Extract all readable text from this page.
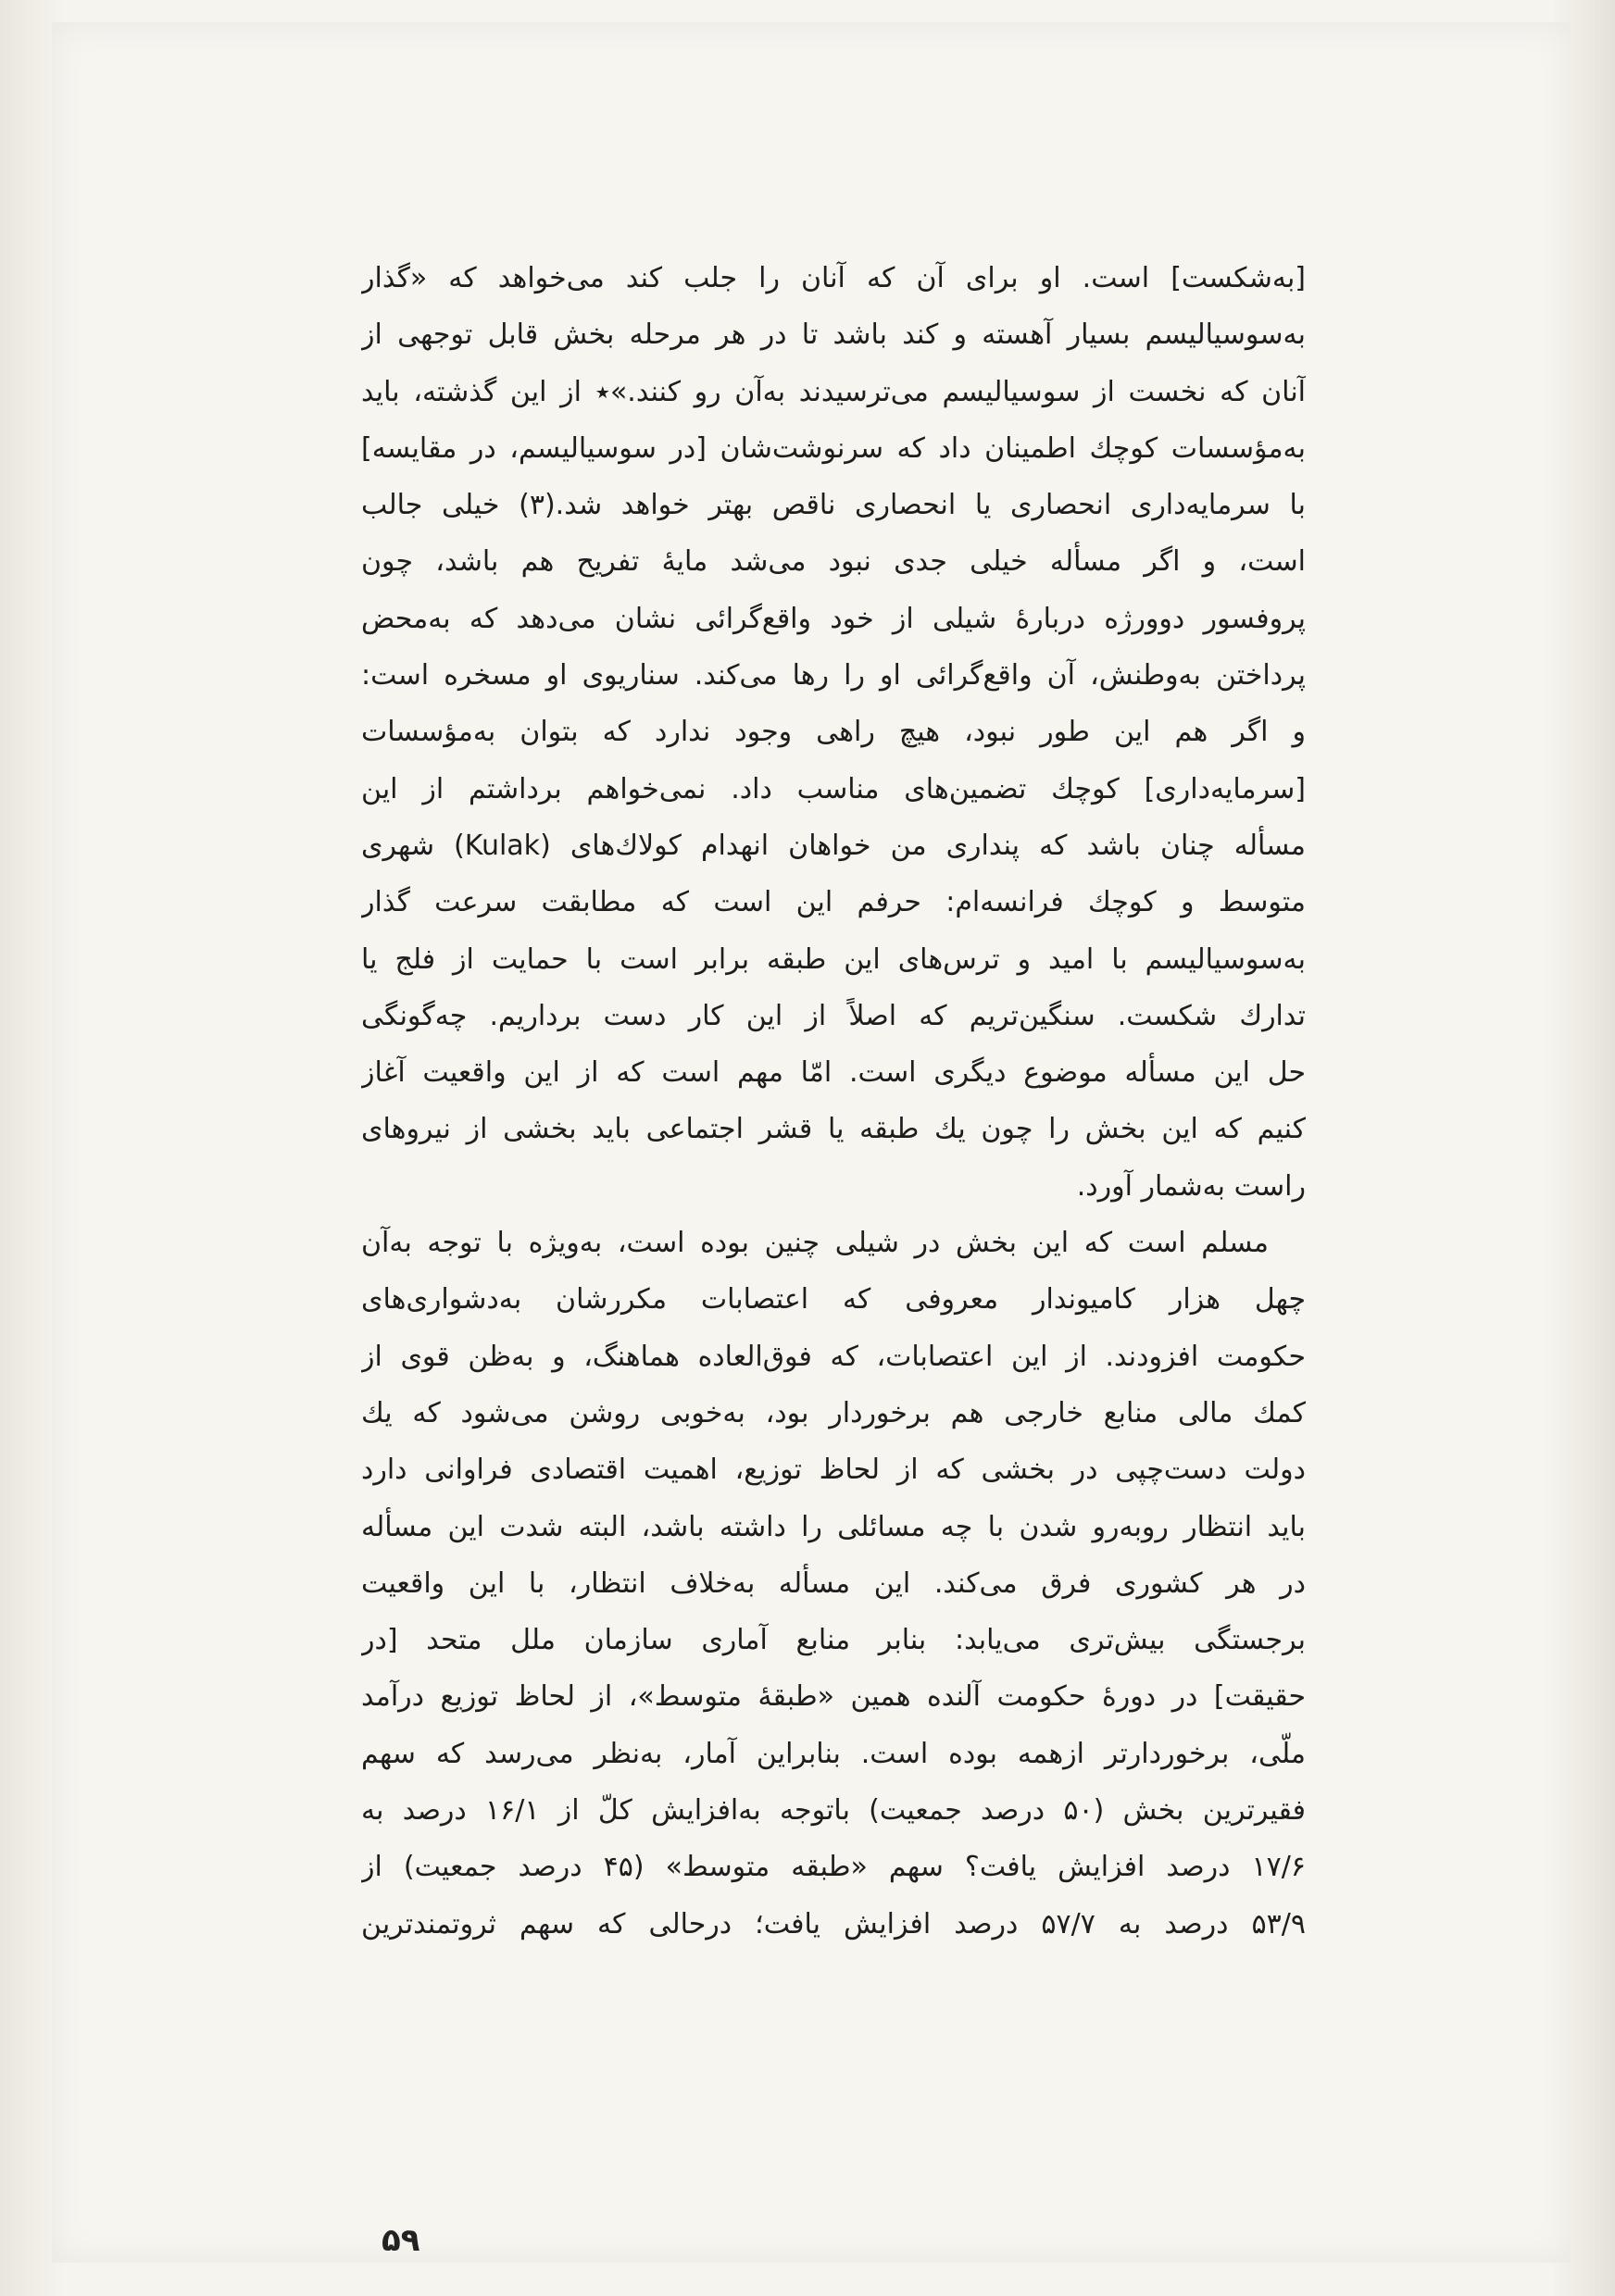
[به‌شکست] است. او برای آن که آنان را جلب کند می‌خواهد که «گذار
به‌سوسیالیسم بسیار آهسته و کند باشد تا در هر مرحله بخش قابل توجهی از
آنان که نخست از سوسیالیسم می‌ترسیدند به‌آن رو کنند.»٭ از این گذشته، باید
به‌مؤسسات کوچك اطمینان داد که سرنوشت‌شان [در سوسیالیسم، در مقایسه]
با سرمایه‌داری انحصاری یا انحصاری ناقص بهتر خواهد شد.(۳) خیلی جالب
است، و اگر مسأله خیلی جدی نبود می‌شد مایهٔ تفریح هم باشد، چون
پروفسور دوورژه دربارهٔ شیلی از خود واقع‌گرائی نشان می‌دهد که به‌محض
پرداختن به‌وطنش، آن واقع‌گرائی او را رها می‌کند. سناریوی او مسخره است:
و اگر هم این طور نبود، هیچ راهی وجود ندارد که بتوان به‌مؤسسات
[سرمایه‌داری] کوچك تضمین‌های مناسب داد. نمی‌خواهم برداشتم از این
مسأله چنان باشد که پنداری من خواهان انهدام کولاك‌های (Kulak) شهری
متوسط و کوچك فرانسه‌ام: حرفم این است که مطابقت سرعت گذار
به‌سوسیالیسم با امید و ترس‌های این طبقه برابر است با حمایت از فلج یا
تدارك شکست. سنگین‌تریم که اصلاً از این کار دست برداریم. چه‌گونگی
حل این مسأله موضوع دیگری است. امّا مهم است که از این واقعیت آغاز
کنیم که این بخش را چون یك طبقه یا قشر اجتماعی باید بخشی از نیروهای
راست به‌شمار آورد.
مسلم است که این بخش در شیلی چنین بوده است، به‌ویژه با توجه به‌آن
چهل هزار کامیوندار معروفی که اعتصابات مکررشان به‌دشواری‌های
حکومت افزودند. از این اعتصابات، که فوق‌العاده هماهنگ، و به‌ظن قوی از
کمك مالی منابع خارجی هم برخوردار بود، به‌خوبی روشن می‌شود که یك
دولت دست‌چپی در بخشی که از لحاظ توزیع، اهمیت اقتصادی فراوانی دارد
باید انتظار روبه‌رو شدن با چه مسائلی را داشته باشد، البته شدت این مسأله
در هر کشوری فرق می‌کند. این مسأله به‌خلاف انتظار، با این واقعیت
برجستگی بیش‌تری می‌یابد: بنابر منابع آماری سازمان ملل متحد [در
حقیقت] در دورهٔ حکومت آلنده همین «طبقهٔ متوسط»، از لحاظ توزیع درآمد
ملّی، برخوردارتر ازهمه بوده است. بنابراین آمار، به‌نظر می‌رسد که سهم
فقیرترین بخش (۵۰ درصد جمعیت) باتوجه به‌افزایش کلّ از ۱۶/۱ درصد به
۱۷/۶ درصد افزایش یافت؟ سهم «طبقه متوسط» (۴۵ درصد جمعیت) از
۵۳/۹ درصد به ۵۷/۷ درصد افزایش یافت؛ درحالی که سهم ثروتمندترین
۵۹
